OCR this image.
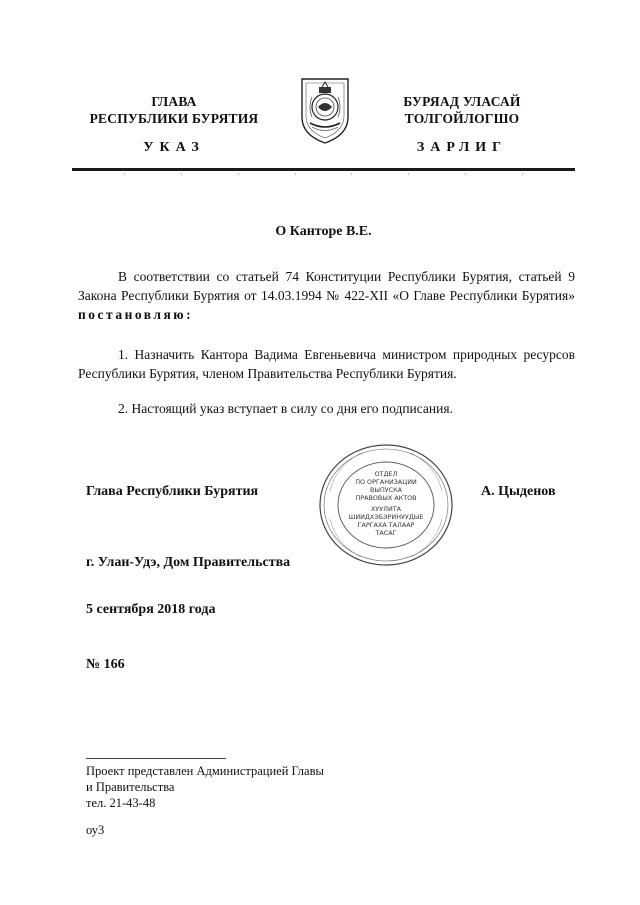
ГЛАВА
РЕСПУБЛИКИ БУРЯТИЯ
БУРЯАД УЛАСАЙ
ТОЛГОЙЛОГШО
УКАЗ	ЗАРЛИГ
О Канторе В.Е.
В соответствии со статьей 74 Конституции Республики Бурятия, статьей 9 Закона Республики Бурятия от 14.03.1994 № 422-XII «О Главе Республики Бурятия» постановляю:
1. Назначить Кантора Вадима Евгеньевича министром природных ресурсов Республики Бурятия, членом Правительства Республики Бурятия.
2. Настоящий указ вступает в силу со дня его подписания.
Глава Республики Бурятия	А. Цыденов
ОТДЕЛ
ПО ОРГАНИЗАЦИИ
ВЫПУСКА
ПРАВОВЫХ АКТОВ
ХУУЛИТА
ШИИДХЭБЭРИНУУДЫЕ
ГАРГАХА ТАЛААР
ТАСАГ
г. Улан-Удэ, Дом Правительства
5 сентября 2018 года
№ 166
Проект представлен Администрацией Главы
и Правительства
тел. 21-43-48
оу3
